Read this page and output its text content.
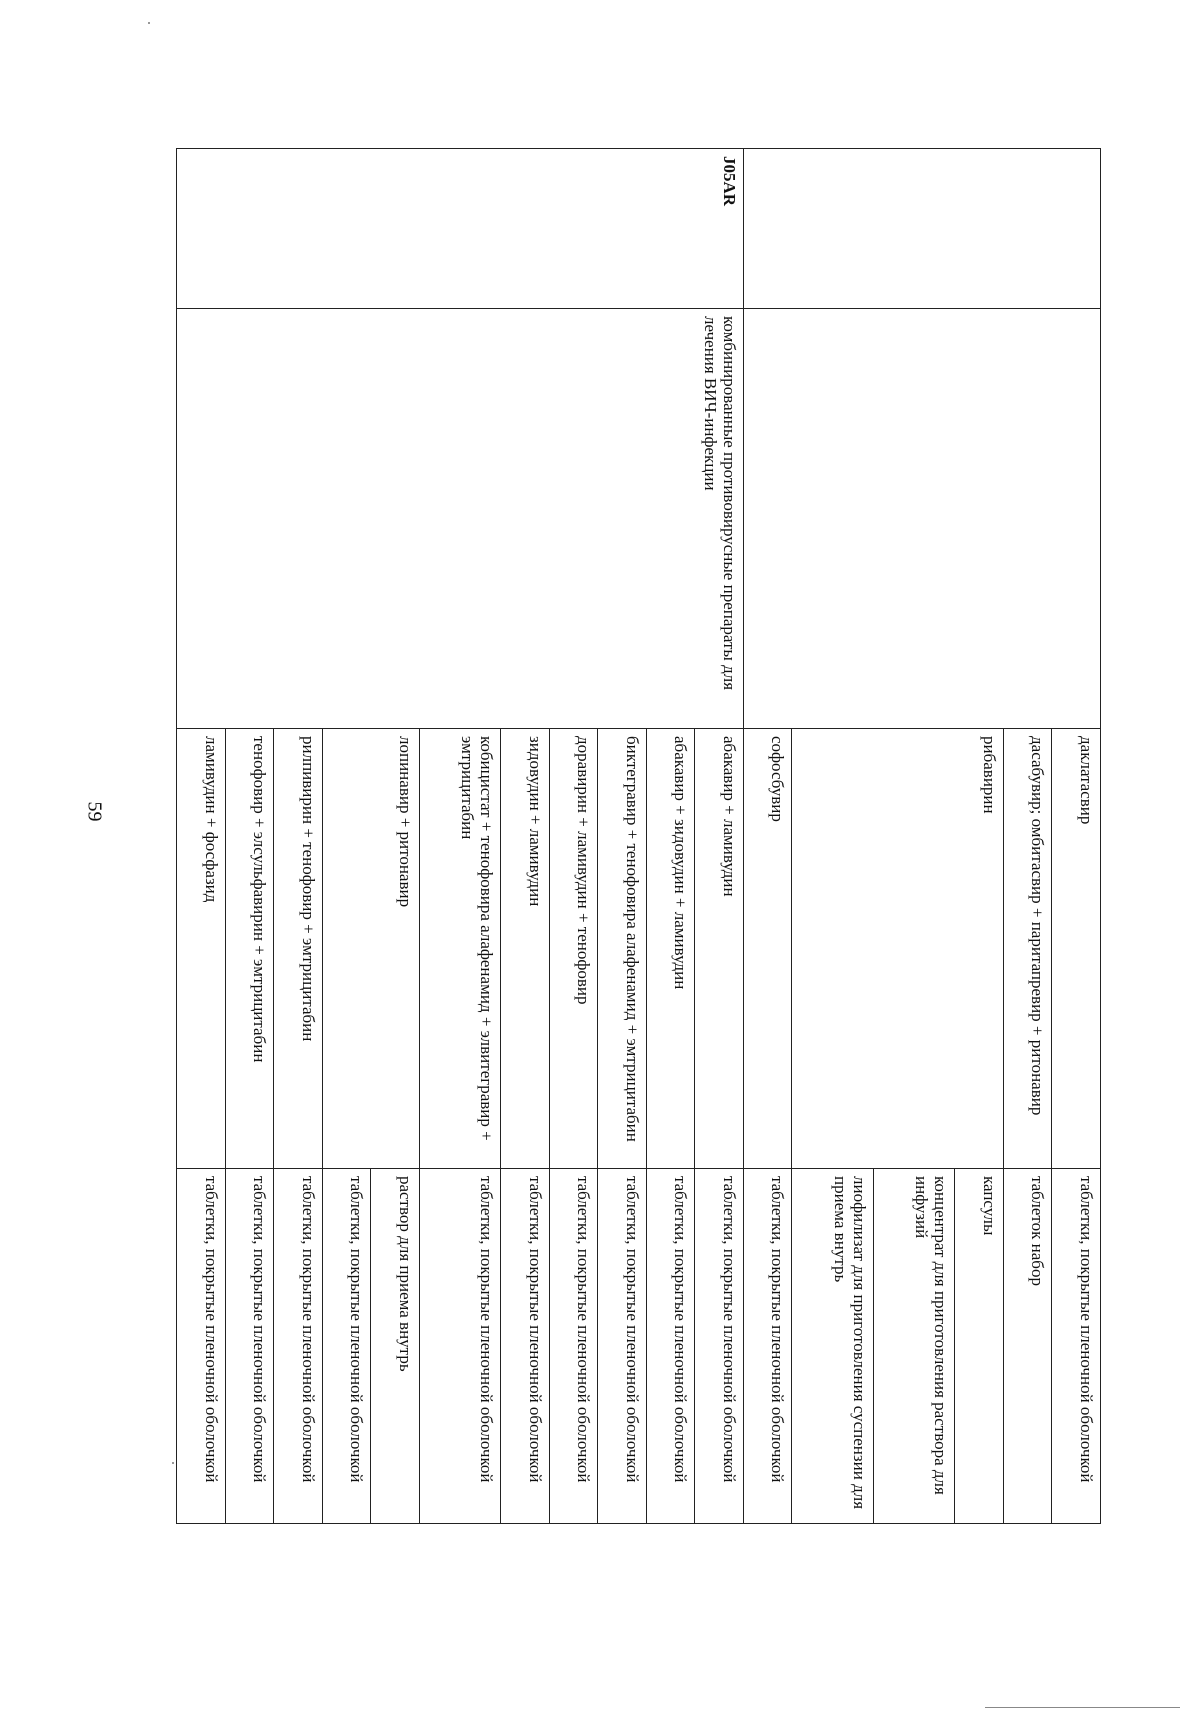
59
			даклатасвир	таблетки, покрытые пленочной оболочкой
		дасабувир; омбитасвир + паритапревир + ритонавир	таблеток набор
		рибавирин	капсулы
			концентрат для приготовления раствора для инфузий
			лиофилизат для приготовления суспензии для приема внутрь
		софосбувир	таблетки, покрытые пленочной оболочкой
J05AR	комбинированные противовирусные препараты для лечения ВИЧ-инфекции	абакавир + ламивудин	таблетки, покрытые пленочной оболочкой
		абакавир + зидовудин + ламивудин	таблетки, покрытые пленочной оболочкой
		биктегравир + тенофовира алафенамид + эмтрицитабин	таблетки, покрытые пленочной оболочкой
		доравирин + ламивудин + тенофовир	таблетки, покрытые пленочной оболочкой
		зидовудин + ламивудин	таблетки, покрытые пленочной оболочкой
		кобицистат + тенофовира алафенамид + элвитегравир + эмтрицитабин	таблетки, покрытые пленочной оболочкой
		лопинавир + ритонавир	раствор для приема внутрь
			таблетки, покрытые пленочной оболочкой
		рилпивирин + тенофовир + эмтрицитабин	таблетки, покрытые пленочной оболочкой
		тенофовир + элсульфавирин + эмтрицитабин	таблетки, покрытые пленочной оболочкой
		ламивудин + фосфазид	таблетки, покрытые пленочной оболочкой
